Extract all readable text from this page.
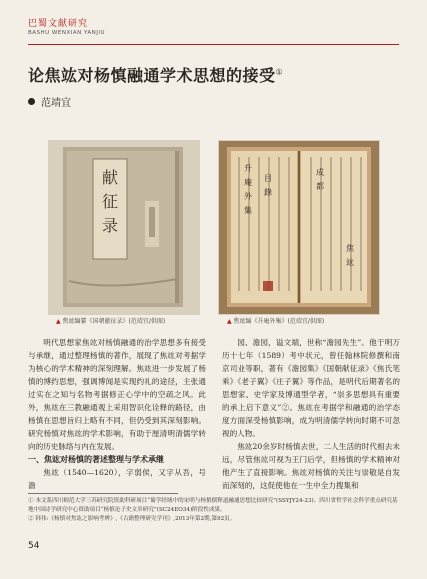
巴蜀文献研究
BASHU WENXIAN YANJIU
论焦竑对杨慎融通学术思想的接受①
范靖宜
献
征
录
▲ 焦竑编纂《国朝献征录》(范靖宜/供图)
升
庵
外
集
目
錄
成
都
焦
竑
▲ 焦竑编《升庵外集》(范靖宜/供图)

明代思想家焦竑对杨慎融通的治学思想多有接受与承继，通过整理杨慎的著作，展现了焦竑对考据学为核心的学术精神的深刻理解。焦竑进一步发展了杨慎的博约思想，强调博闻是实现约礼的途径，主张通过实在之知与名物考据修正心学中的空疏之风。此外，焦竑在三教融通观上采用智识化诠释的路径，由杨慎在思想旨归上略有不同，但仍受到其深刻影响。研究杨慎对焦竑的学术影响，有助于厘清明清儒学转向的历史脉络与内在发展。

一、焦竑对杨慎的著述整理与学术承继

焦竑（1540—1620），字弱侯，又字从吾，号澹

园、澹园，谥文端，世称“澹园先生”。他于明万历十七年（1589）考中状元，曾任翰林院修撰和南京司业等职，著有《澹园集》《国朝献征录》《焦氏笔乘》《老子翼》《庄子翼》等作品，是明代后期著名的思想家、史学家及博通型学者，“崇多思想具有重要的承上启下意义”②。焦竑在考据学和融通的治学态度方面深受杨慎影响，成为明清儒学转向时期不可忽视的人物。

焦竑20余岁时杨慎去世，二人生活的时代相去未远，尽管焦竑可视为王门后学，但杨慎的学术精神对他产生了直接影响。焦竑对杨慎的关注与崇敬是自发而深刻的，这促使他在一生中全力搜集和

① 本文系四川师范大学三苏研究院资助科研项目“蜀学经域中的宋明与杨慎儒释道融通思想比较研究”(SSYJY24-23)、四川省哲学社会科学重点研究基地中国诗学研究中心资助项目“杨慎论子史文章研究”(SC24EO34)阶段性成果。
② 韩伟:《杨慎对焦竑之影响考辨》,《古籍整理研究学刊》,2013年第2期,第92页。
54
